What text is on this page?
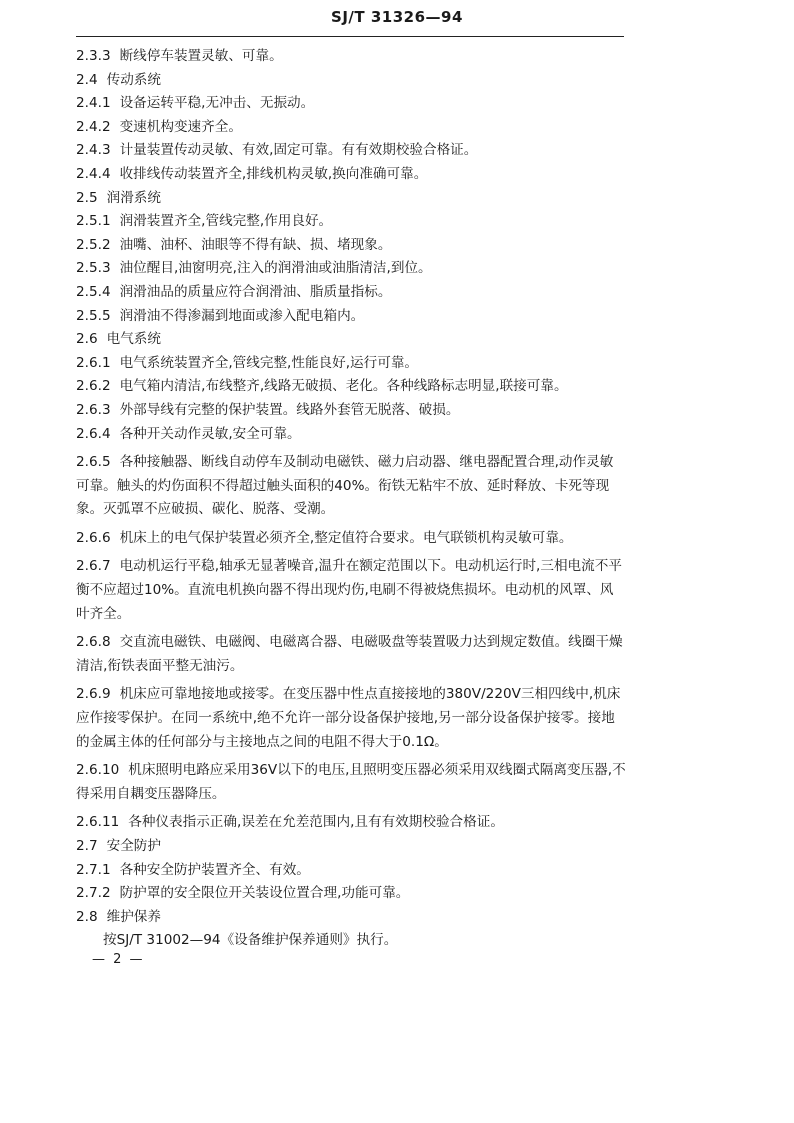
SJ/T 31326—94
2.3.3 断线停车装置灵敏、可靠。
2.4 传动系统
2.4.1 设备运转平稳,无冲击、无振动。
2.4.2 变速机构变速齐全。
2.4.3 计量装置传动灵敏、有效,固定可靠。有有效期校验合格证。
2.4.4 收排线传动装置齐全,排线机构灵敏,换向准确可靠。
2.5 润滑系统
2.5.1 润滑装置齐全,管线完整,作用良好。
2.5.2 油嘴、油杯、油眼等不得有缺、损、堵现象。
2.5.3 油位醒目,油窗明亮,注入的润滑油或油脂清洁,到位。
2.5.4 润滑油品的质量应符合润滑油、脂质量指标。
2.5.5 润滑油不得渗漏到地面或渗入配电箱内。
2.6 电气系统
2.6.1 电气系统装置齐全,管线完整,性能良好,运行可靠。
2.6.2 电气箱内清洁,布线整齐,线路无破损、老化。各种线路标志明显,联接可靠。
2.6.3 外部导线有完整的保护装置。线路外套管无脱落、破损。
2.6.4 各种开关动作灵敏,安全可靠。
2.6.5 各种接触器、断线自动停车及制动电磁铁、磁力启动器、继电器配置合理,动作灵敏可靠。触头的灼伤面积不得超过触头面积的40%。衔铁无粘牢不放、延时释放、卡死等现象。灭弧罩不应破损、碳化、脱落、受潮。
2.6.6 机床上的电气保护装置必须齐全,整定值符合要求。电气联锁机构灵敏可靠。
2.6.7 电动机运行平稳,轴承无显著噪音,温升在额定范围以下。电动机运行时,三相电流不平衡不应超过10%。直流电机换向器不得出现灼伤,电刷不得被烧焦损坏。电动机的风罩、风叶齐全。
2.6.8 交直流电磁铁、电磁阀、电磁离合器、电磁吸盘等装置吸力达到规定数值。线圈干燥清洁,衔铁表面平整无油污。
2.6.9 机床应可靠地接地或接零。在变压器中性点直接接地的380V/220V三相四线中,机床应作接零保护。在同一系统中,绝不允许一部分设备保护接地,另一部分设备保护接零。接地的金属主体的任何部分与主接地点之间的电阻不得大于0.1Ω。
2.6.10 机床照明电路应采用36V以下的电压,且照明变压器必须采用双线圈式隔离变压器,不得采用自耦变压器降压。
2.6.11 各种仪表指示正确,误差在允差范围内,且有有效期校验合格证。
2.7 安全防护
2.7.1 各种安全防护装置齐全、有效。
2.7.2 防护罩的安全限位开关装设位置合理,功能可靠。
2.8 维护保养
按SJ/T 31002—94《设备维护保养通则》执行。
— 2 —
